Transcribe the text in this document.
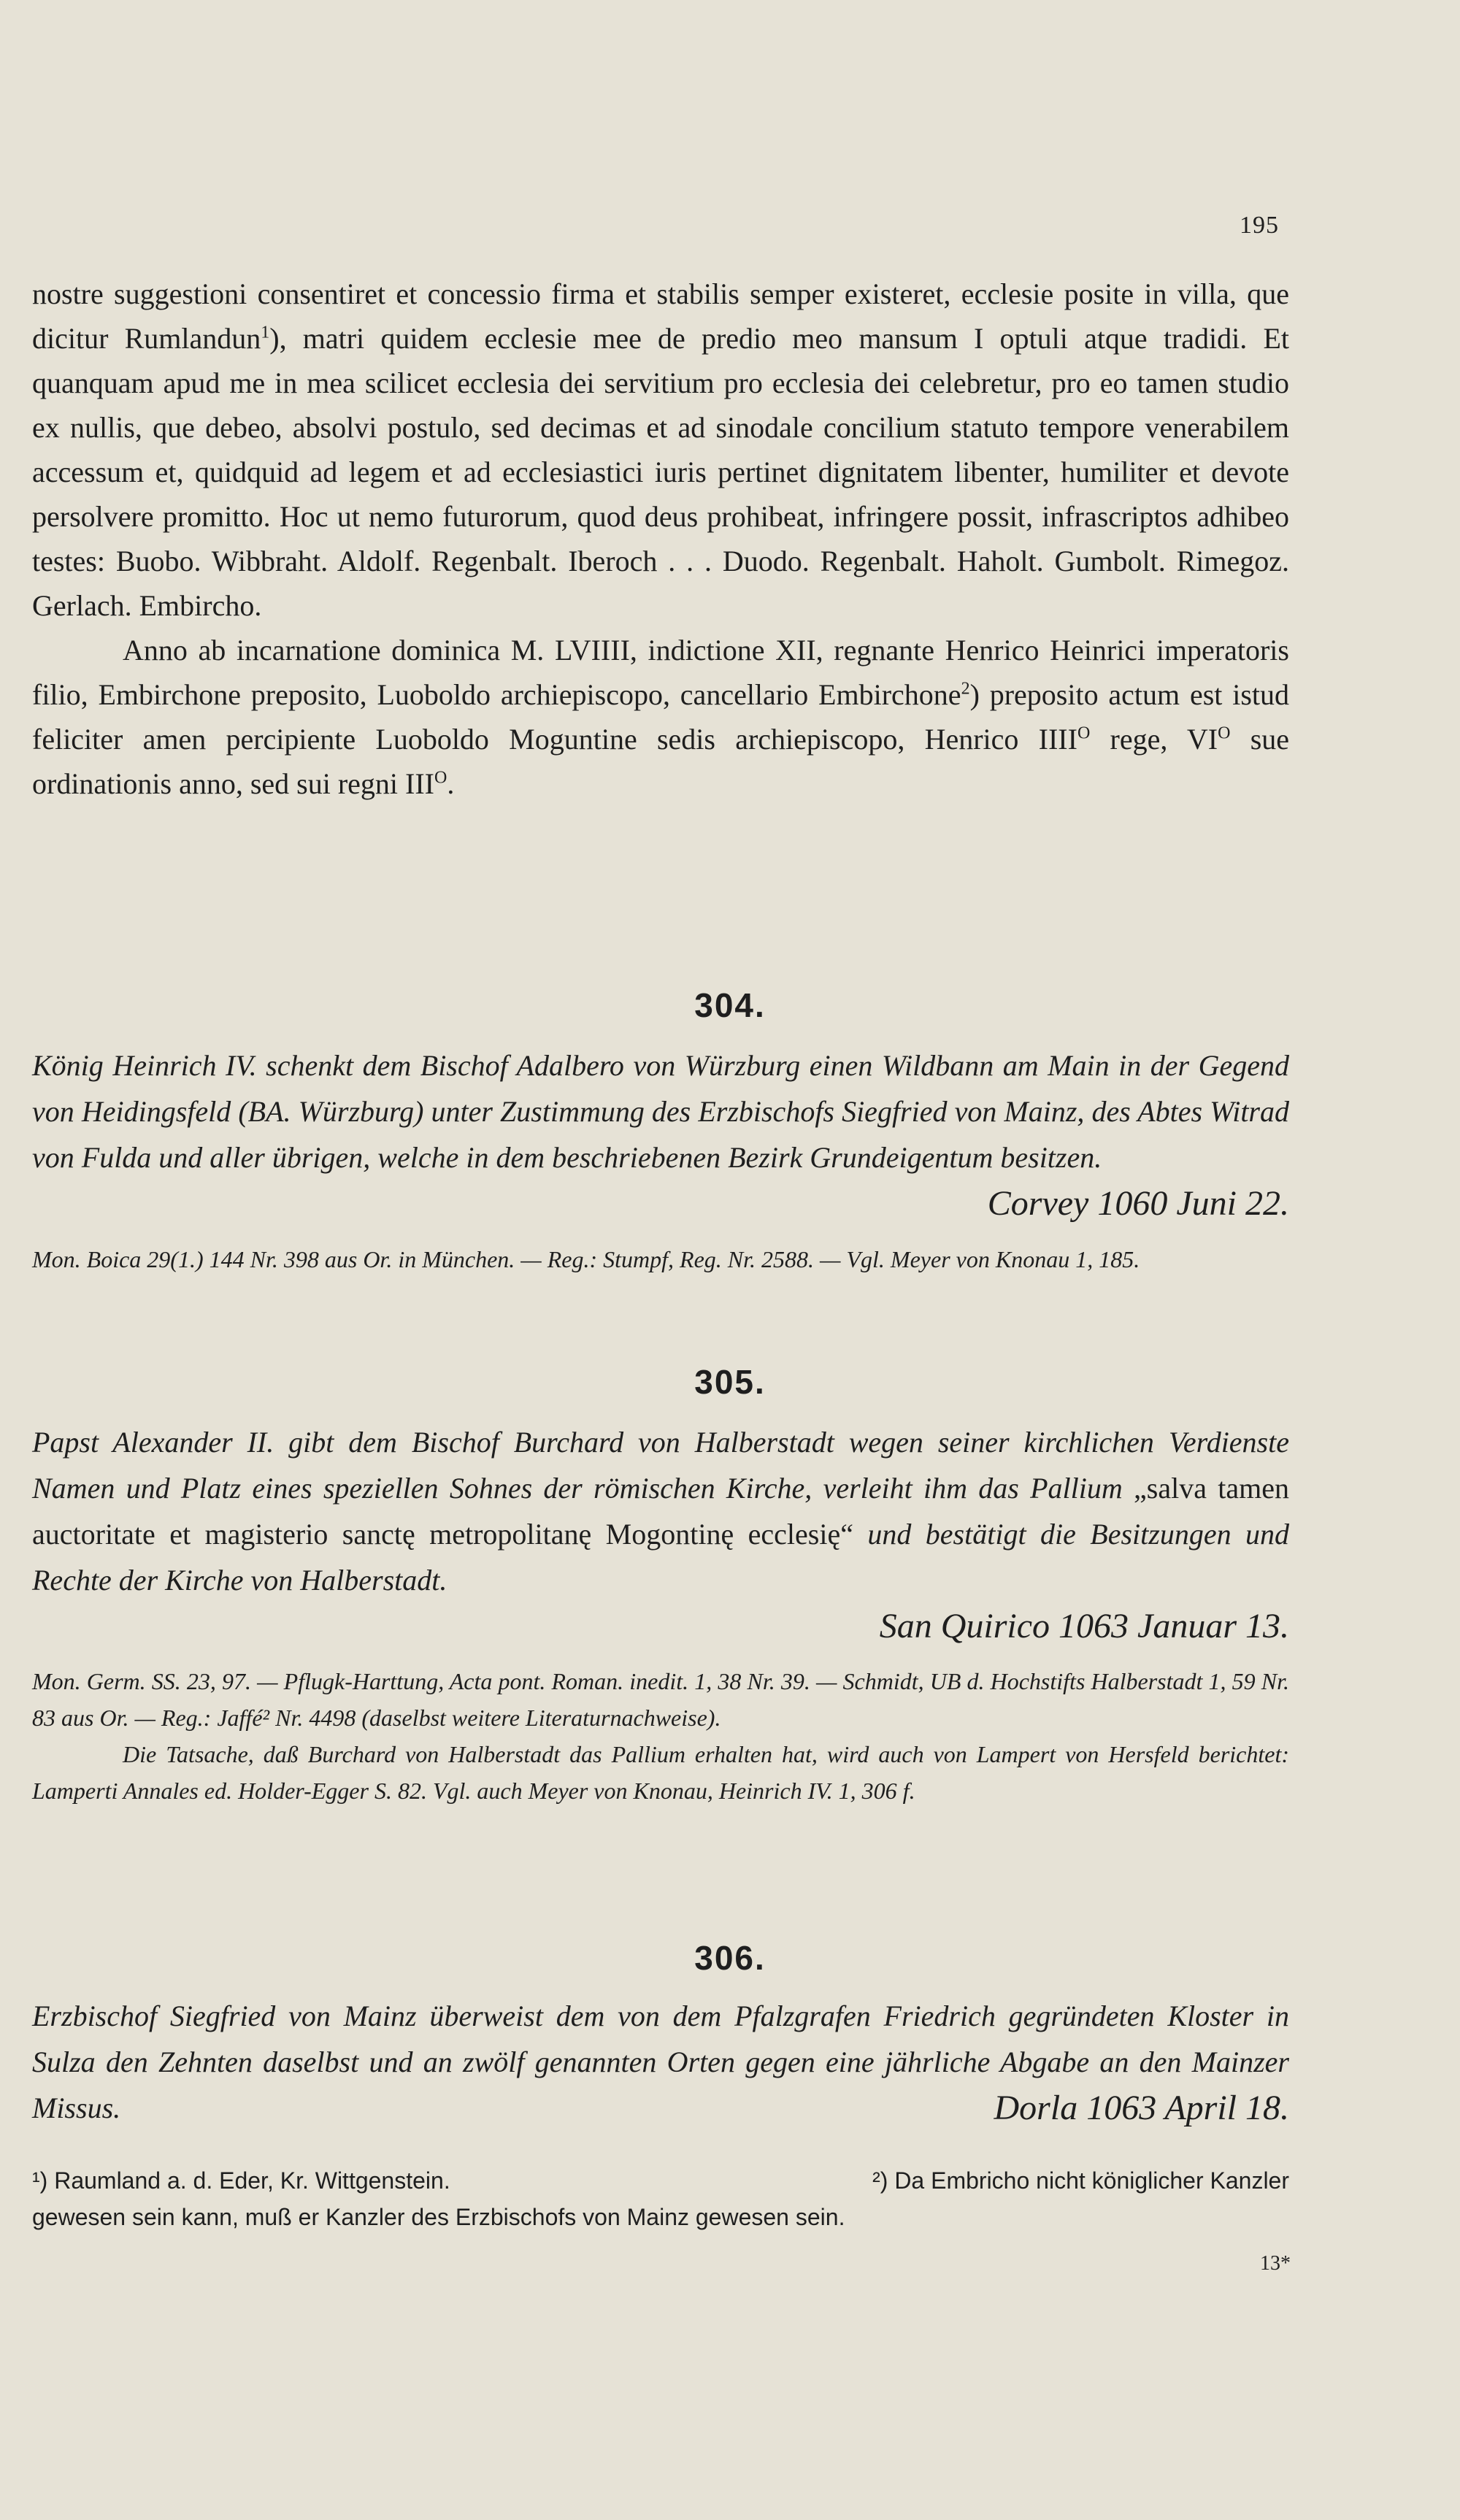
195

nostre suggestioni consentiret et concessio firma et stabilis semper existeret, ecclesie posite in villa, que dicitur Rumlandun$^1$), matri quidem ecclesie mee de predio meo mansum I optuli atque tradidi. Et quanquam apud me in mea scilicet ecclesia dei servitium pro ecclesia dei celebretur, pro eo tamen studio ex nullis, que debeo, absolvi postulo, sed decimas et ad sinodale concilium statuto tempore venerabilem accessum et, quidquid ad legem et ad ecclesiastici iuris pertinet dignitatem libenter, humiliter et devote persolvere promitto. Hoc ut nemo futurorum, quod deus prohibeat, infringere possit, infrascriptos adhibeo testes: Buobo. Wibbraht. Aldolf. Regenbalt. Iberoch . . . Duodo. Regenbalt. Haholt. Gumbolt. Rimegoz. Gerlach. Embircho.

Anno ab incarnatione dominica M. LVIIII, indictione XII, regnante Henrico Heinrici imperatoris filio, Embirchone preposito, Luoboldo archiepiscopo, cancellario Embirchone$^2$) preposito actum est istud feliciter amen percipiente Luoboldo Moguntine sedis archiepiscopo, Henrico $IIII^O$ rege, $VI^O$ sue ordinationis anno, sed sui regni $III^O$.

304.
König Heinrich IV. schenkt dem Bischof Adalbero von Würzburg einen Wildbann am Main in der Gegend von Heidingsfeld (BA. Würzburg) unter Zustimmung des Erzbischofs Siegfried von Mainz, des Abtes Witrad von Fulda und aller übrigen, welche in dem beschriebenen Bezirk Grundeigentum besitzen.
Corvey 1060 Juni 22.

Mon. Boica 29(1.) 144 Nr. 398 aus Or. in München. — Reg.: Stumpf, Reg. Nr. 2588. — Vgl. Meyer von Knonau 1, 185.

305.
Papst Alexander II. gibt dem Bischof Burchard von Halberstadt wegen seiner kirchlichen Verdienste Namen und Platz eines speziellen Sohnes der römischen Kirche, verleiht ihm das Pallium „salva tamen auctoritate et magisterio sanctę metropolitanę Mogontinę ecclesię“ und bestätigt die Besitzungen und Rechte der Kirche von Halberstadt.
San Quirico 1063 Januar 13.

Mon. Germ. SS. 23, 97. — Pflugk-Harttung, Acta pont. Roman. inedit. 1, 38 Nr. 39. — Schmidt, UB d. Hochstifts Halberstadt 1, 59 Nr. 83 aus Or. — Reg.: Jaffé² Nr. 4498 (daselbst weitere Literaturnachweise).

Die Tatsache, daß Burchard von Halberstadt das Pallium erhalten hat, wird auch von Lampert von Hersfeld berichtet: Lamperti Annales ed. Holder-Egger S. 82. Vgl. auch Meyer von Knonau, Heinrich IV. 1, 306 f.

306.
Erzbischof Siegfried von Mainz überweist dem von dem Pfalzgrafen Friedrich gegründeten Kloster in Sulza den Zehnten daselbst und an zwölf genannten Orten gegen eine jährliche Abgabe an den Mainzer Missus.	Dorla 1063 April 18.
¹) Raumland a. d. Eder, Kr. Wittgenstein.	²) Da Embricho nicht königlicher Kanzler
gewesen sein kann, muß er Kanzler des Erzbischofs von Mainz gewesen sein.
13*
